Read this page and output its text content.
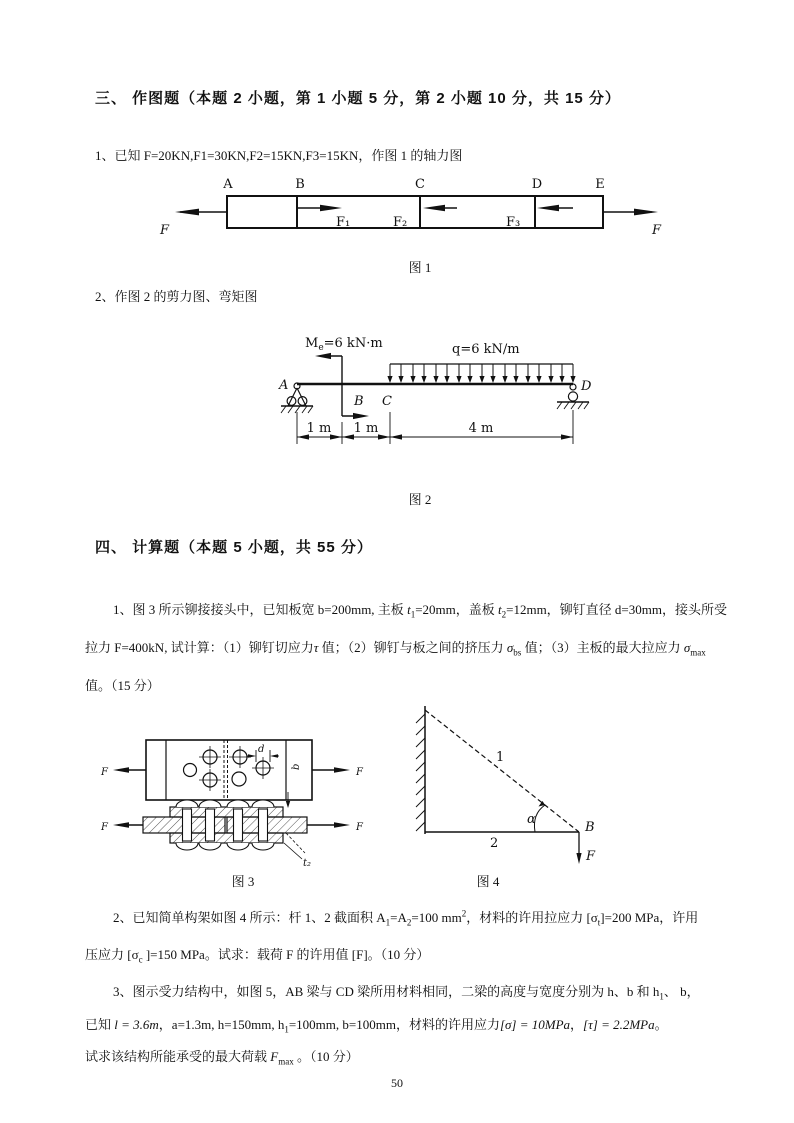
三、 作图题（本题 2 小题，第 1 小题 5 分，第 2 小题 10 分，共 15 分）
1、已知 F=20KN,F1=30KN,F2=15KN,F3=15KN，作图 1 的轴力图
A	B	C	D	E
F	F
F₁	F₂	F₃
图 1
2、作图 2 的剪力图、弯矩图
$M_e=6$ kN·m	q=6 kN/m
A
B C
D
1 m 1 m	4 m
图 2
四、 计算题（本题 5 小题，共 55 分）
1、图 3 所示铆接接头中，已知板宽 b=200mm, 主板 $t_1=20mm$，盖板 $t_2=12mm$，铆钉直径 d=30mm，接头所受
拉力 F=400kN, 试计算：（1）铆钉切应力τ 值；（2）铆钉与板之间的挤压力 $\sigma_{bs}$ 值；（3）主板的最大拉应力 $\sigma_{max}$
值。（15 分）
d
b
F	F
F	F
t₂
图 3
1
2
α
F
B
图 4
2、已知简单构架如图 4 所示：杆 1、2 截面积 $A_1=A_2=100$ $mm^2$，材料的许用拉应力 $[\sigma_t]=200$ MPa，许用
压应力 [$\sigma_c$ ]=150 MPa。试求：载荷 F 的许用值 [F]。（10 分）
3、图示受力结构中，如图 5，AB 梁与 CD 梁所用材料相同，二梁的高度与宽度分别为 h、b 和 $h_1$、 b，
已知 l = 3.6m，a=1.3m, h=150mm, $h_1=100mm$, b=100mm，材料的许用应力[σ] = 10MPa，[τ] = 2.2MPa。
试求该结构所能承受的最大荷载 $F_{max}$ 。（10 分）
50
